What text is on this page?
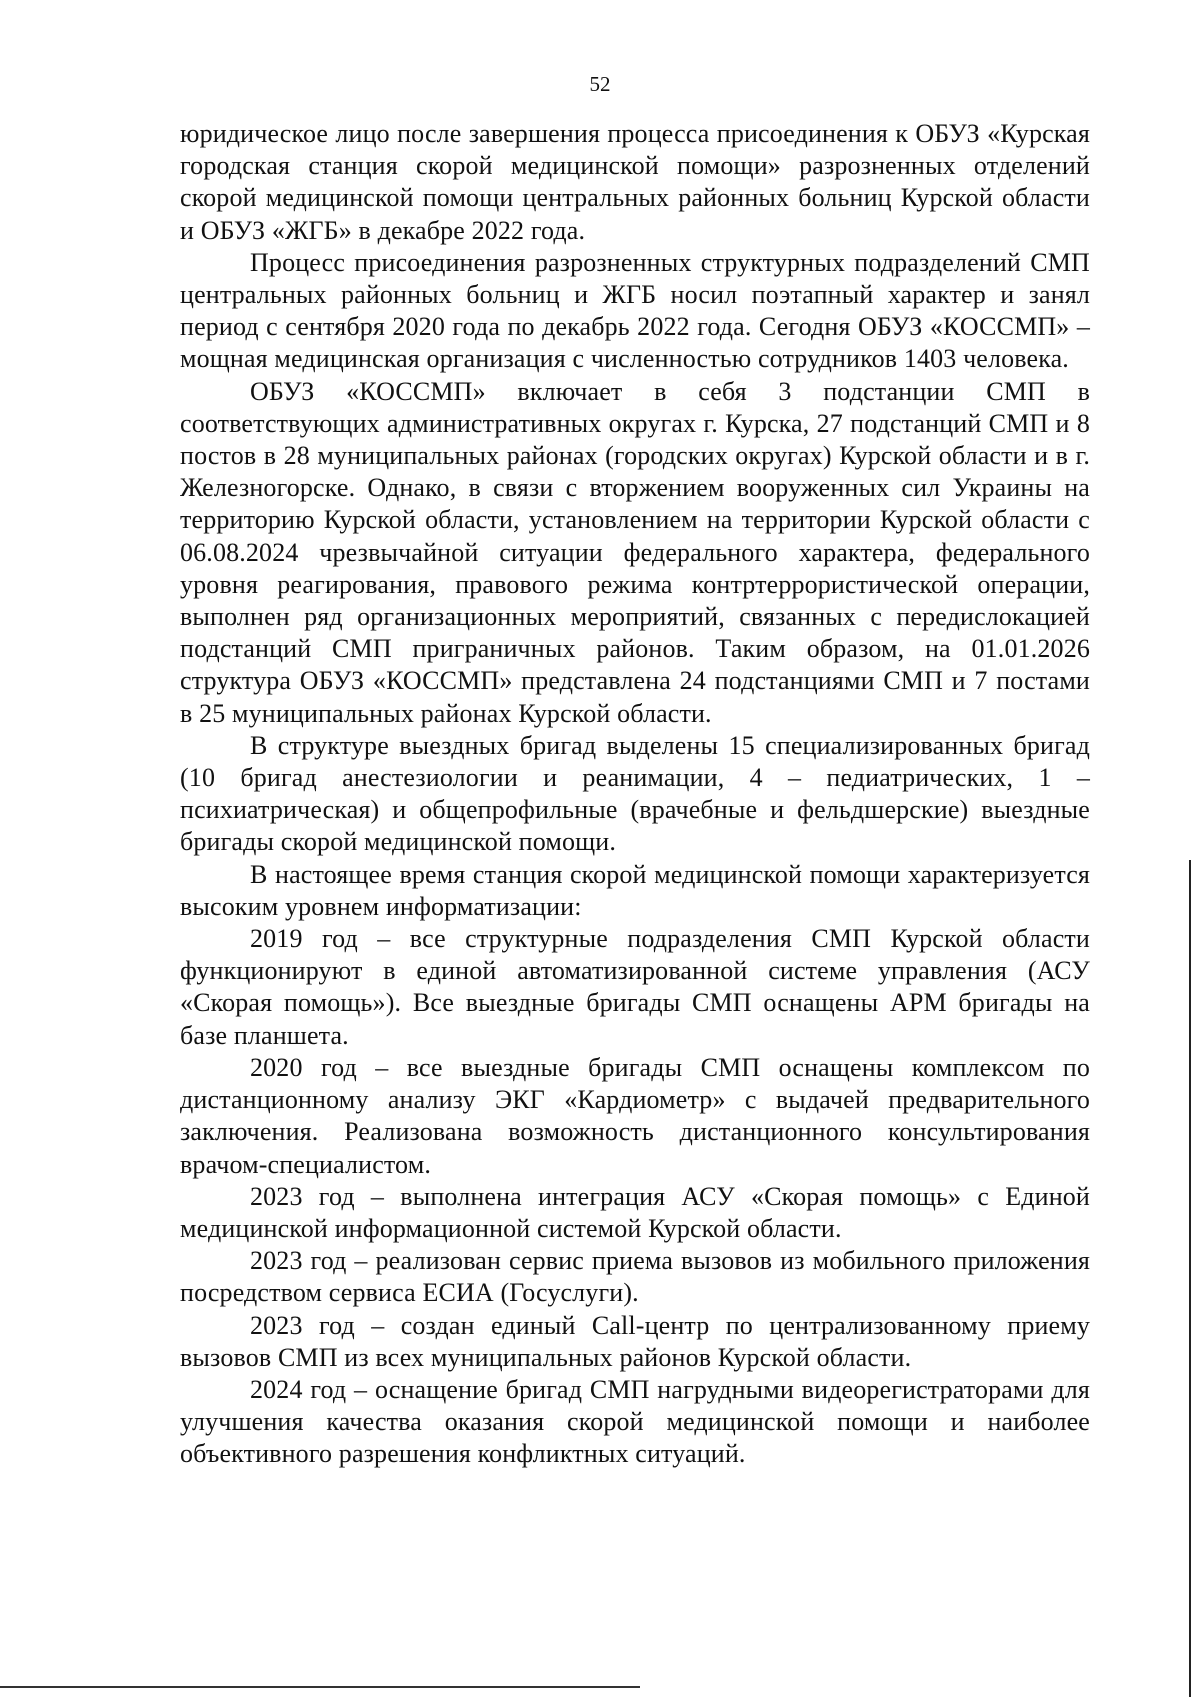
52

юридическое лицо после завершения процесса присоединения к ОБУЗ «Курская городская станция скорой медицинской помощи» разрозненных отделений скорой медицинской помощи центральных районных больниц Курской области и ОБУЗ «ЖГБ» в декабре 2022 года.

Процесс присоединения разрозненных структурных подразделений СМП центральных районных больниц и ЖГБ носил поэтапный характер и занял период с сентября 2020 года по декабрь 2022 года. Сегодня ОБУЗ «КОССМП» – мощная медицинская организация с численностью сотрудников 1403 человека.

ОБУЗ «КОССМП» включает в себя 3 подстанции СМП в соответствующих административных округах г. Курска, 27 подстанций СМП и 8 постов в 28 муниципальных районах (городских округах) Курской области и в г. Железногорске. Однако, в связи с вторжением вооруженных сил Украины на территорию Курской области, установлением на территории Курской области с 06.08.2024 чрезвычайной ситуации федерального характера, федерального уровня реагирования, правового режима контртеррористической операции, выполнен ряд организационных мероприятий, связанных с передислокацией подстанций СМП приграничных районов. Таким образом, на 01.01.2026 структура ОБУЗ «КОССМП» представлена 24 подстанциями СМП и 7 постами в 25 муниципальных районах Курской области.

В структуре выездных бригад выделены 15 специализированных бригад (10 бригад анестезиологии и реанимации, 4 – педиатрических, 1 – психиатрическая) и общепрофильные (врачебные и фельдшерские) выездные бригады скорой медицинской помощи.

В настоящее время станция скорой медицинской помощи характеризуется высоким уровнем информатизации:

2019 год – все структурные подразделения СМП Курской области функционируют в единой автоматизированной системе управления (АСУ «Скорая помощь»). Все выездные бригады СМП оснащены АРМ бригады на базе планшета.

2020 год – все выездные бригады СМП оснащены комплексом по дистанционному анализу ЭКГ «Кардиометр» с выдачей предварительного заключения. Реализована возможность дистанционного консультирования врачом-специалистом.

2023 год – выполнена интеграция АСУ «Скорая помощь» с Единой медицинской информационной системой Курской области.

2023 год – реализован сервис приема вызовов из мобильного приложения посредством сервиса ЕСИА (Госуслуги).

2023 год – создан единый Call-центр по централизованному приему вызовов СМП из всех муниципальных районов Курской области.

2024 год – оснащение бригад СМП нагрудными видеорегистраторами для улучшения качества оказания скорой медицинской помощи и наиболее объективного разрешения конфликтных ситуаций.
